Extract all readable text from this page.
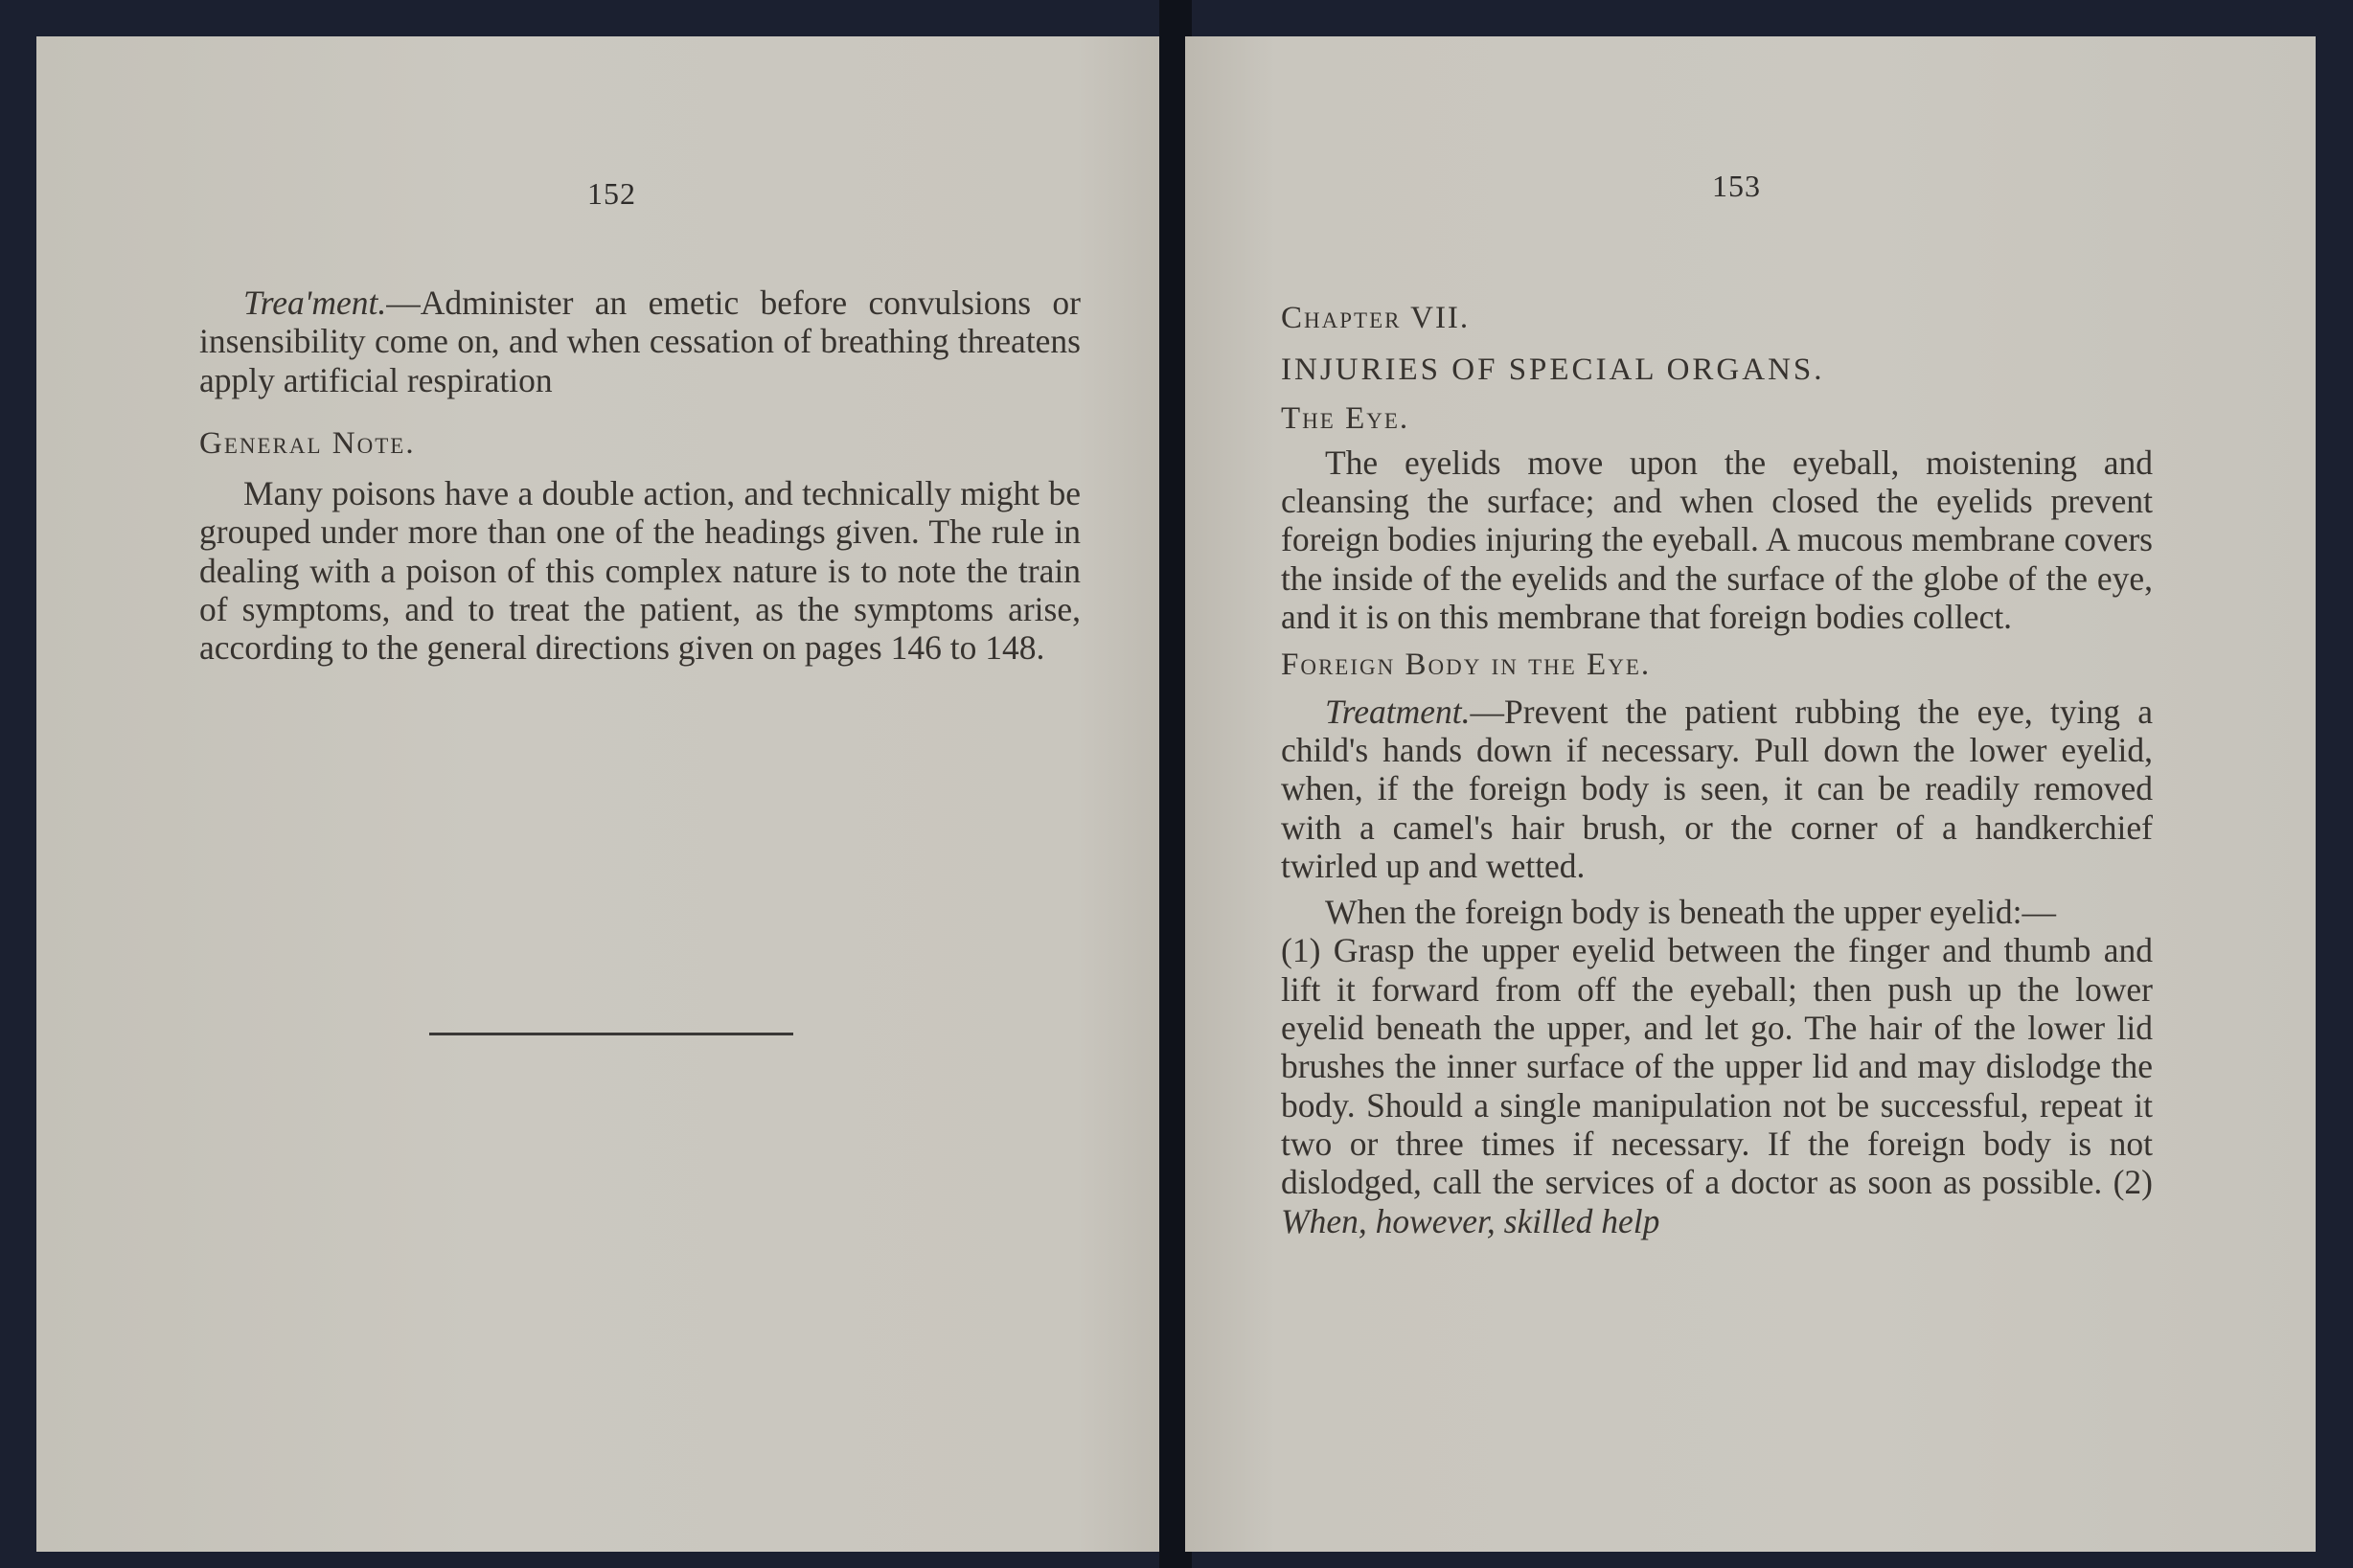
152

Trea'ment.—Administer an emetic before convulsions or insensibility come on, and when cessation of breathing threatens apply artificial respiration

General Note.

Many poisons have a double action, and technically might be grouped under more than one of the headings given. The rule in dealing with a poison of this complex nature is to note the train of symptoms, and to treat the patient, as the symptoms arise, according to the general directions given on pages 146 to 148.

153

Chapter VII.

INJURIES OF SPECIAL ORGANS.

The Eye.

The eyelids move upon the eyeball, moistening and cleansing the surface; and when closed the eyelids prevent foreign bodies injuring the eyeball. A mucous membrane covers the inside of the eyelids and the surface of the globe of the eye, and it is on this membrane that foreign bodies collect.

Foreign Body in the Eye.

Treatment.—Prevent the patient rubbing the eye, tying a child's hands down if necessary. Pull down the lower eyelid, when, if the foreign body is seen, it can be readily removed with a camel's hair brush, or the corner of a handkerchief twirled up and wetted.

When the foreign body is beneath the upper eyelid:—

(1) Grasp the upper eyelid between the finger and thumb and lift it forward from off the eyeball; then push up the lower eyelid beneath the upper, and let go. The hair of the lower lid brushes the inner surface of the upper lid and may dislodge the body. Should a single manipulation not be successful, repeat it two or three times if necessary. If the foreign body is not dislodged, call the services of a doctor as soon as possible. (2) When, however, skilled help
